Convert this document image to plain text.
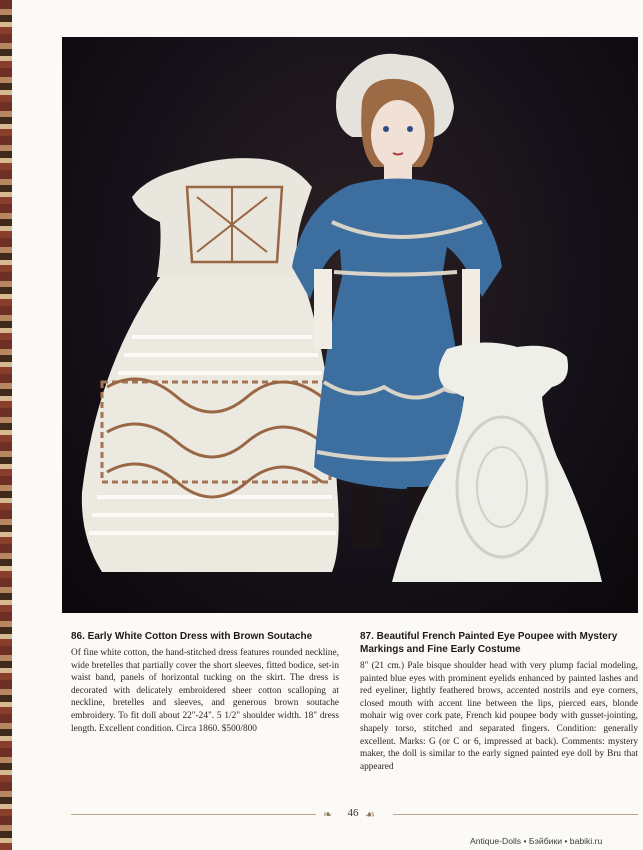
86. Early White Cotton Dress with Brown Soutache

Of fine white cotton, the hand-stitched dress features rounded neckline, wide bretelles that partially cover the short sleeves, fitted bodice, set-in waist band, panels of horizontal tucking on the skirt. The dress is decorated with delicately embroidered sheer cotton scalloping at neckline, bretelles and sleeves, and generous brown soutache embroidery. To fit doll about 22"-24". 5 1/2" shoulder width. 18" dress length. Excellent condition. Circa 1860. $500/800

87. Beautiful French Painted Eye Poupee with Mystery Markings and Fine Early Costume

8" (21 cm.) Pale bisque shoulder head with very plump facial modeling, painted blue eyes with prominent eyelids enhanced by painted lashes and red eyeliner, lightly feathered brows, accented nostrils and eye corners, closed mouth with accent line between the lips, pierced ears, blonde mohair wig over cork pate, French kid poupee body with gusset-jointing, shapely torso, stitched and separated fingers. Condition: generally excellent. Marks: G (or C or 6, impressed at back). Comments: mystery maker, the doll is similar to the early signed painted eye doll by Bru that appeared

❧	46 ☙
Antique-Dolls • Бэйбики • babiki.ru
